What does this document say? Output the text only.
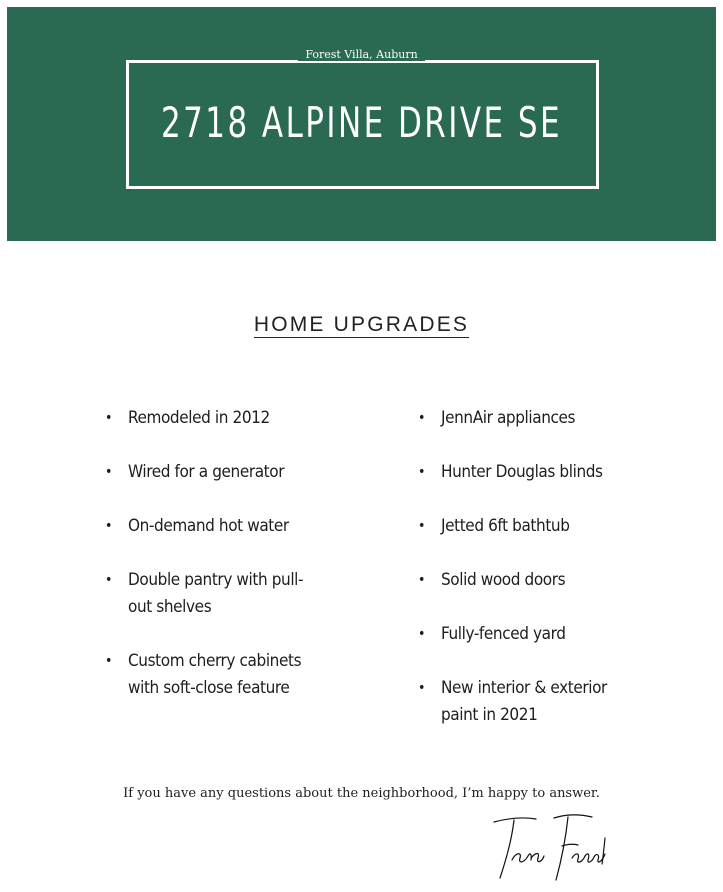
Forest Villa, Auburn
2718 ALPINE DRIVE SE
HOME UPGRADES
• Remodeled in 2012
• Wired for a generator
• On-demand hot water
• Double pantry with pull-out shelves
• Custom cherry cabinets with soft-close feature
• JennAir appliances
• Hunter Douglas blinds
• Jetted 6ft bathtub
• Solid wood doors
• Fully-fenced yard
• New interior & exterior paint in 2021
If you have any questions about the neighborhood, I’m happy to answer.
